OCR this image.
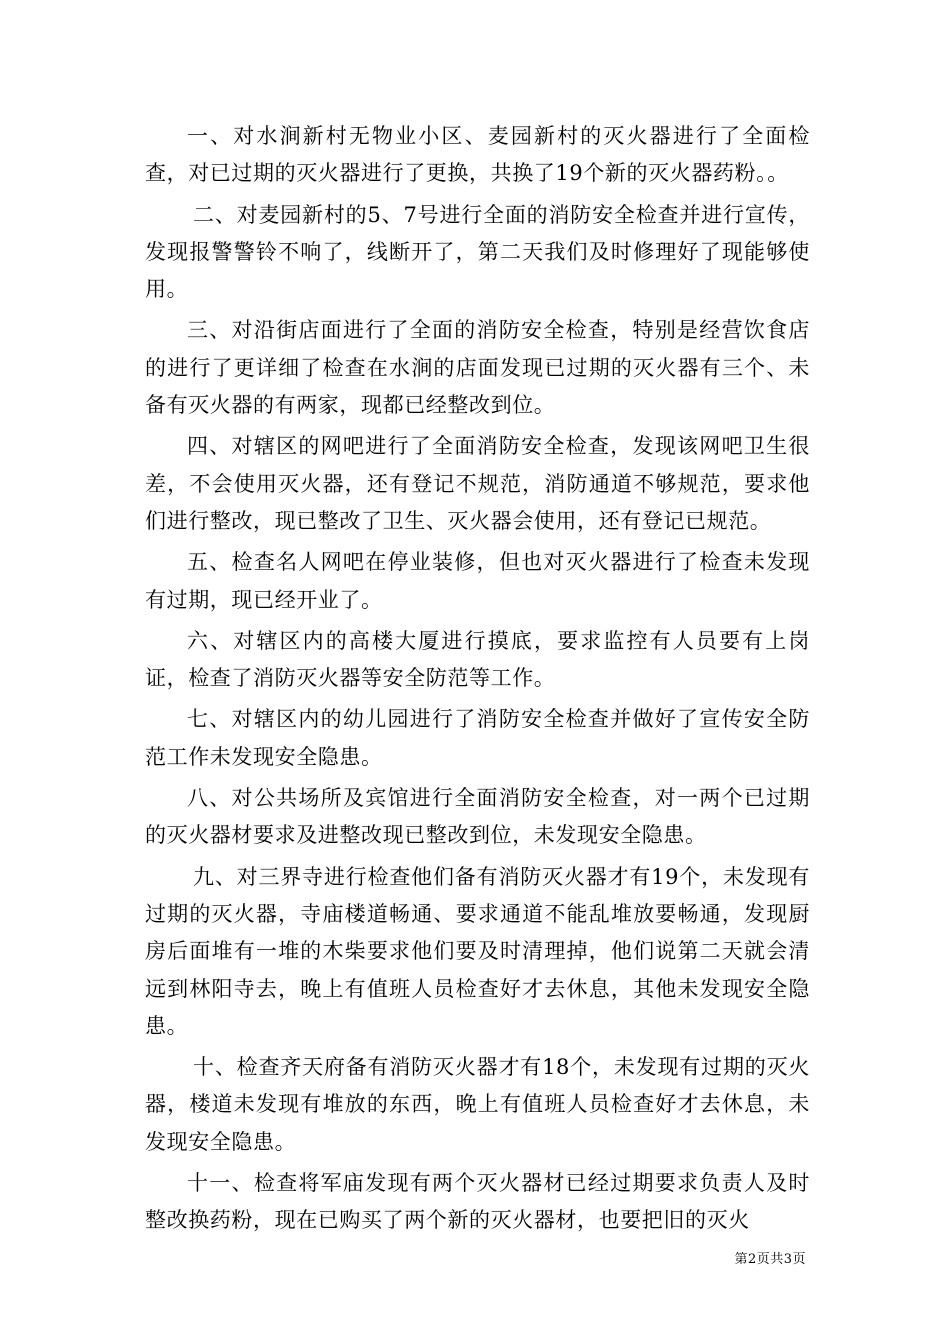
一、对水涧新村无物业小区、麦园新村的灭火器进行了全面检查，对已过期的灭火器进行了更换，共换了19个新的灭火器药粉。。

二、对麦园新村的5、7号进行全面的消防安全检查并进行宣传，发现报警警铃不响了，线断开了，第二天我们及时修理好了现能够使用。

三、对沿街店面进行了全面的消防安全检查，特别是经营饮食店的进行了更详细了检查在水涧的店面发现已过期的灭火器有三个、未备有灭火器的有两家，现都已经整改到位。

四、对辖区的网吧进行了全面消防安全检查，发现该网吧卫生很差，不会使用灭火器，还有登记不规范，消防通道不够规范，要求他们进行整改，现已整改了卫生、灭火器会使用，还有登记已规范。

五、检查名人网吧在停业装修，但也对灭火器进行了检查未发现有过期，现已经开业了。

六、对辖区内的高楼大厦进行摸底，要求监控有人员要有上岗证，检查了消防灭火器等安全防范等工作。

七、对辖区内的幼儿园进行了消防安全检查并做好了宣传安全防范工作未发现安全隐患。

八、对公共场所及宾馆进行全面消防安全检查，对一两个已过期的灭火器材要求及进整改现已整改到位，未发现安全隐患。

九、对三界寺进行检查他们备有消防灭火器才有19个，未发现有过期的灭火器，寺庙楼道畅通、要求通道不能乱堆放要畅通，发现厨房后面堆有一堆的木柴要求他们要及时清理掉，他们说第二天就会清远到林阳寺去，晚上有值班人员检查好才去休息，其他未发现安全隐患。

十、检查齐天府备有消防灭火器才有18个，未发现有过期的灭火器，楼道未发现有堆放的东西，晚上有值班人员检查好才去休息，未发现安全隐患。

十一、检查将军庙发现有两个灭火器材已经过期要求负责人及时整改换药粉，现在已购买了两个新的灭火器材，也要把旧的灭火

第2页共3页
